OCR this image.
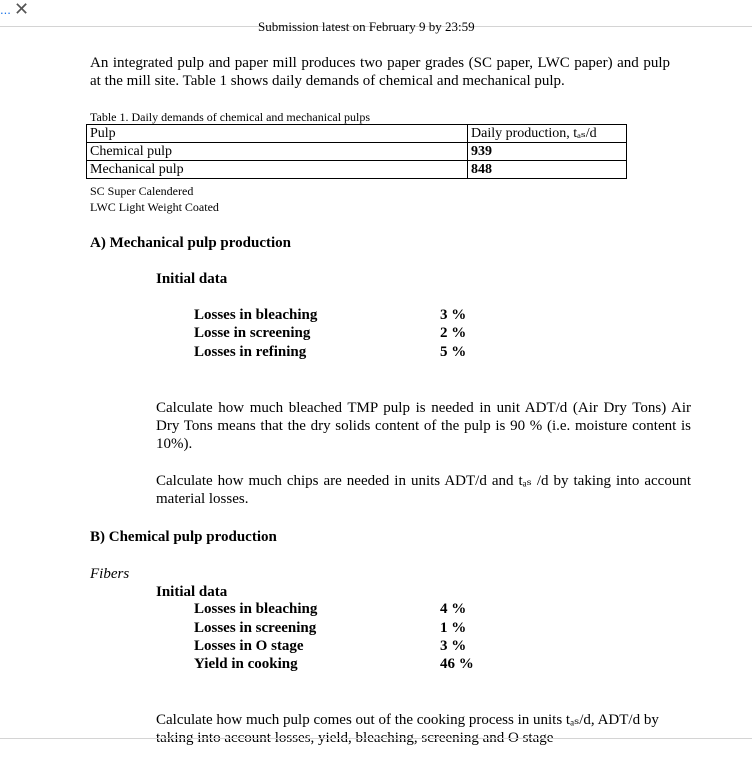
... ✕
Submission latest on February 9 by 23:59
An integrated pulp and paper mill produces two paper grades (SC paper, LWC paper) and pulp at the mill site. Table 1 shows daily demands of chemical and mechanical pulp.
Table 1. Daily demands of chemical and mechanical pulps
Pulp	Daily production, tₐₛ/d
Chemical pulp	939
Mechanical pulp	848
SC Super Calendered
LWC Light Weight Coated
A) Mechanical pulp production
Initial data
Losses in bleaching	3 %
Losse in screening	2 %
Losses in refining	5 %
Calculate how much bleached TMP pulp is needed in unit ADT/d (Air Dry Tons) Air Dry Tons means that the dry solids content of the pulp is 90 % (i.e. moisture content is 10%).
Calculate how much chips are needed in units ADT/d and tₐₛ /d by taking into account material losses.
B) Chemical pulp production
Fibers
Initial data
Losses in bleaching	4 %
Losses in screening	1 %
Losses in O stage	3 %
Yield in cooking	46 %
Calculate how much pulp comes out of the cooking process in units tₐₛ/d, ADT/d by
taking into account losses, yield, bleaching, screening and O stage
